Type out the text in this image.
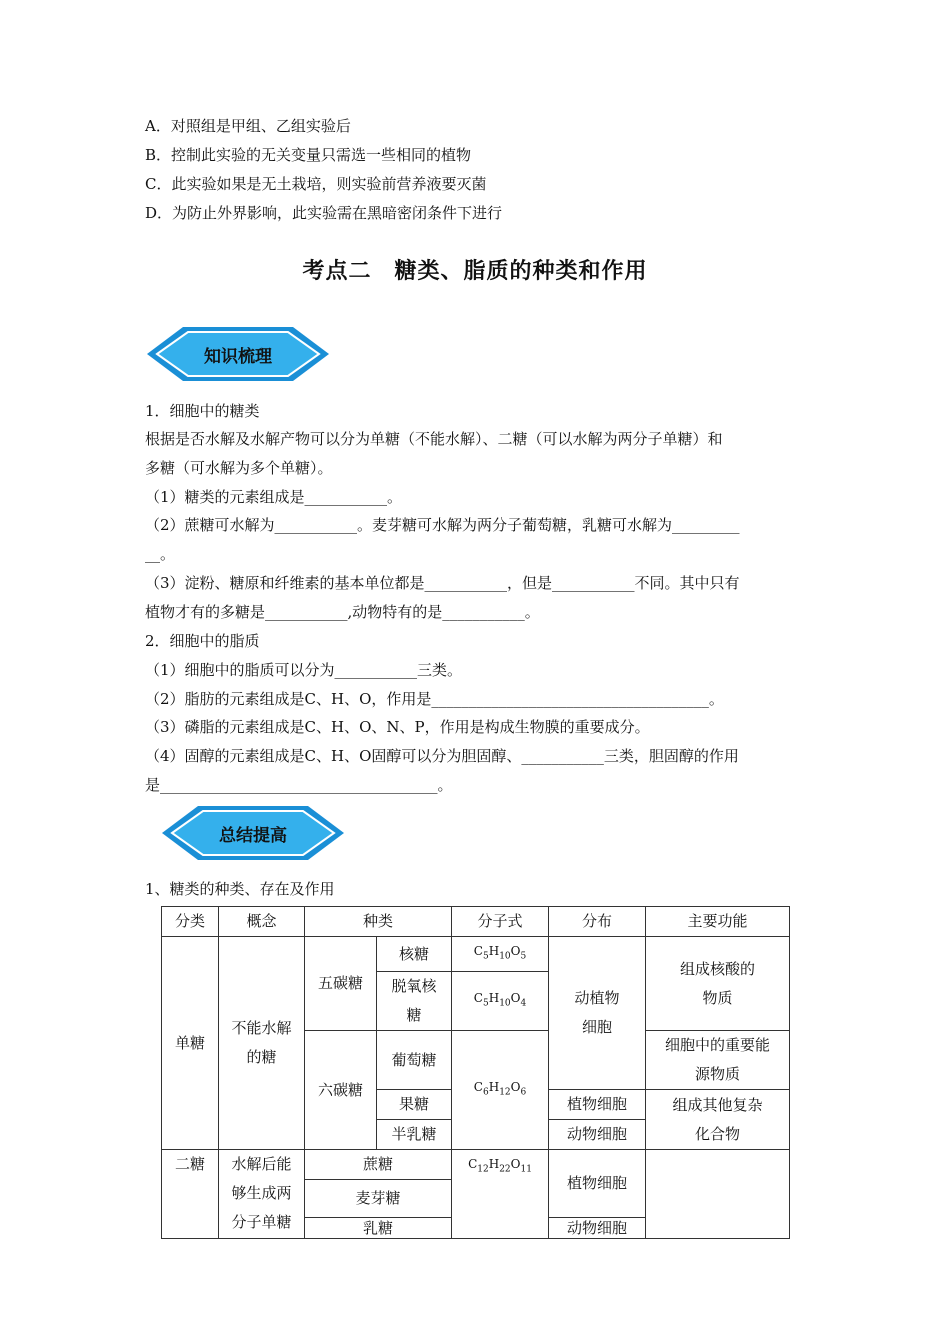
A．对照组是甲组、乙组实验后
B．控制此实验的无关变量只需选一些相同的植物
C．此实验如果是无土栽培，则实验前营养液要灭菌
D．为防止外界影响，此实验需在黑暗密闭条件下进行
考点二　糖类、脂质的种类和作用
知识梳理
1．细胞中的糖类
根据是否水解及水解产物可以分为单糖（不能水解）、二糖（可以水解为两分子单糖）和
多糖（可水解为多个单糖）。
（1）糖类的元素组成是___________。
（2）蔗糖可水解为___________。麦芽糖可水解为两分子葡萄糖，乳糖可水解为_________
__。
（3）淀粉、糖原和纤维素的基本单位都是___________，但是___________不同。其中只有
植物才有的多糖是___________,动物特有的是___________。
2．细胞中的脂质
（1）细胞中的脂质可以分为___________三类。
（2）脂肪的元素组成是C、H、O，作用是_____________________________________。
（3）磷脂的元素组成是C、H、O、N、P，作用是构成生物膜的重要成分。
（4）固醇的元素组成是C、H、O固醇可以分为胆固醇、___________三类，胆固醇的作用
是_____________________________________。
总结提高
1、糖类的种类、存在及作用
分类	概念	种类		分子式	分布	主要功能
单糖	不能水解的糖	五碳糖	核糖	$C_5H_{10}O_5$	动植物细胞	组成核酸的物质
			脱氧核糖	$C_5H_{10}O_4$

		六碳糖	葡萄糖	$C_6H_{12}O_6$		细胞中的重要能源物质
			果糖		植物细胞	组成其他复杂化合物
			半乳糖		动物细胞	

二糖	水解后能够生成两分子单糖	蔗糖		$C_{12}H_{22}O_{11}$	植物细胞	
		麦芽糖				
		乳糖			动物细胞	
